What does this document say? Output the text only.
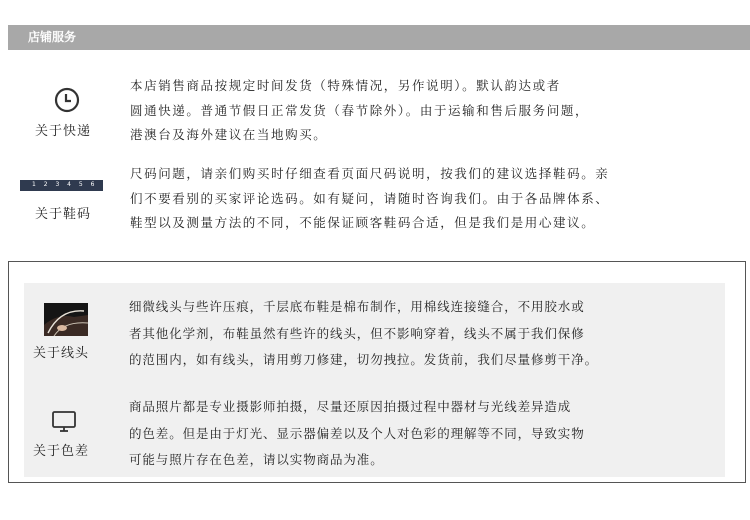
店铺服务
关于快递
本店销售商品按规定时间发货（特殊情况，另作说明）。默认韵达或者
圆通快递。普通节假日正常发货（春节除外）。由于运输和售后服务问题，
港澳台及海外建议在当地购买。
1 2 3 4 5 6
关于鞋码
尺码问题，请亲们购买时仔细查看页面尺码说明，按我们的建议选择鞋码。亲
们不要看别的买家评论选码。如有疑问，请随时咨询我们。由于各品牌体系、
鞋型以及测量方法的不同，不能保证顾客鞋码合适，但是我们是用心建议。
关于线头
细微线头与些许压痕，千层底布鞋是棉布制作，用棉线连接缝合，不用胶水或
者其他化学剂，布鞋虽然有些许的线头，但不影响穿着，线头不属于我们保修
的范围内，如有线头，请用剪刀修建，切勿拽拉。发货前，我们尽量修剪干净。
关于色差
商品照片都是专业摄影师拍摄，尽量还原因拍摄过程中器材与光线差异造成
的色差。但是由于灯光、显示器偏差以及个人对色彩的理解等不同，导致实物
可能与照片存在色差，请以实物商品为准。
